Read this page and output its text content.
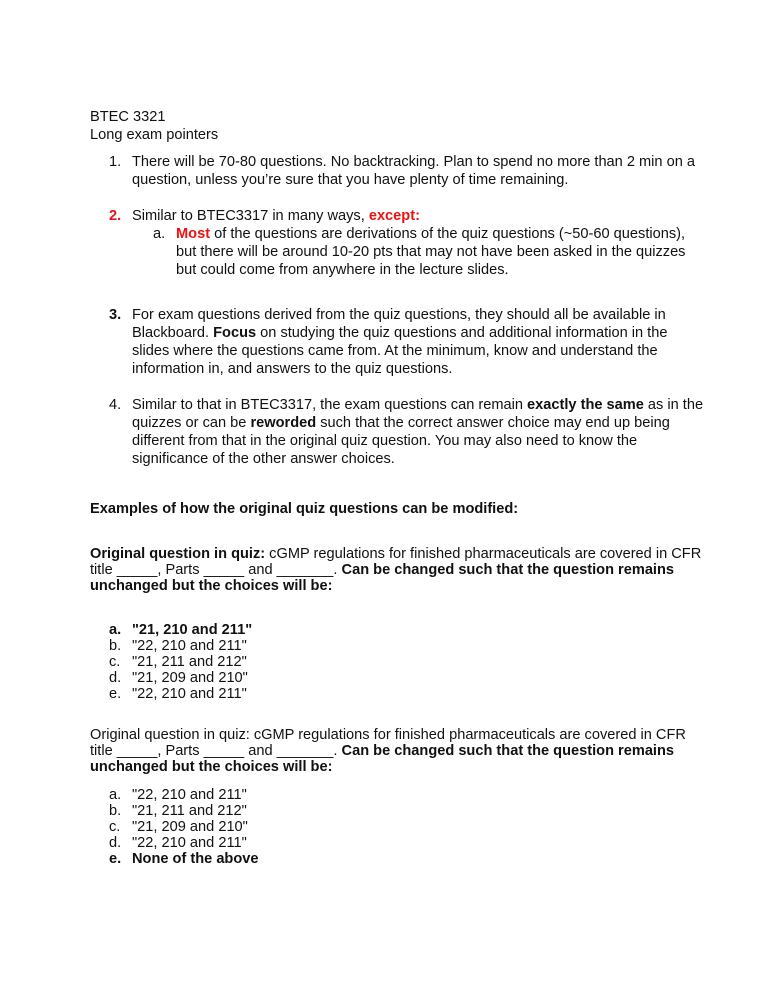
BTEC 3321
Long exam pointers
1. There will be 70-80 questions. No backtracking. Plan to spend no more than 2 min on a
question, unless you’re sure that you have plenty of time remaining.
2. Similar to BTEC3317 in many ways, except:
a. Most of the questions are derivations of the quiz questions (~50-60 questions),
but there will be around 10-20 pts that may not have been asked in the quizzes
but could come from anywhere in the lecture slides.
3. For exam questions derived from the quiz questions, they should all be available in
Blackboard. Focus on studying the quiz questions and additional information in the
slides where the questions came from. At the minimum, know and understand the
information in, and answers to the quiz questions.
4. Similar to that in BTEC3317, the exam questions can remain exactly the same as in the
quizzes or can be reworded such that the correct answer choice may end up being
different from that in the original quiz question. You may also need to know the
significance of the other answer choices.
Examples of how the original quiz questions can be modified:
Original question in quiz: cGMP regulations for finished pharmaceuticals are covered in CFR
title _____, Parts _____ and _______. Can be changed such that the question remains
unchanged but the choices will be:
a. "21, 210 and 211"
b. "22, 210 and 211"
c. "21, 211 and 212"
d. "21, 209 and 210"
e. "22, 210 and 211"
Original question in quiz: cGMP regulations for finished pharmaceuticals are covered in CFR
title _____, Parts _____ and _______. Can be changed such that the question remains
unchanged but the choices will be:
a. "22, 210 and 211"
b. "21, 211 and 212"
c. "21, 209 and 210"
d. "22, 210 and 211"
e. None of the above
